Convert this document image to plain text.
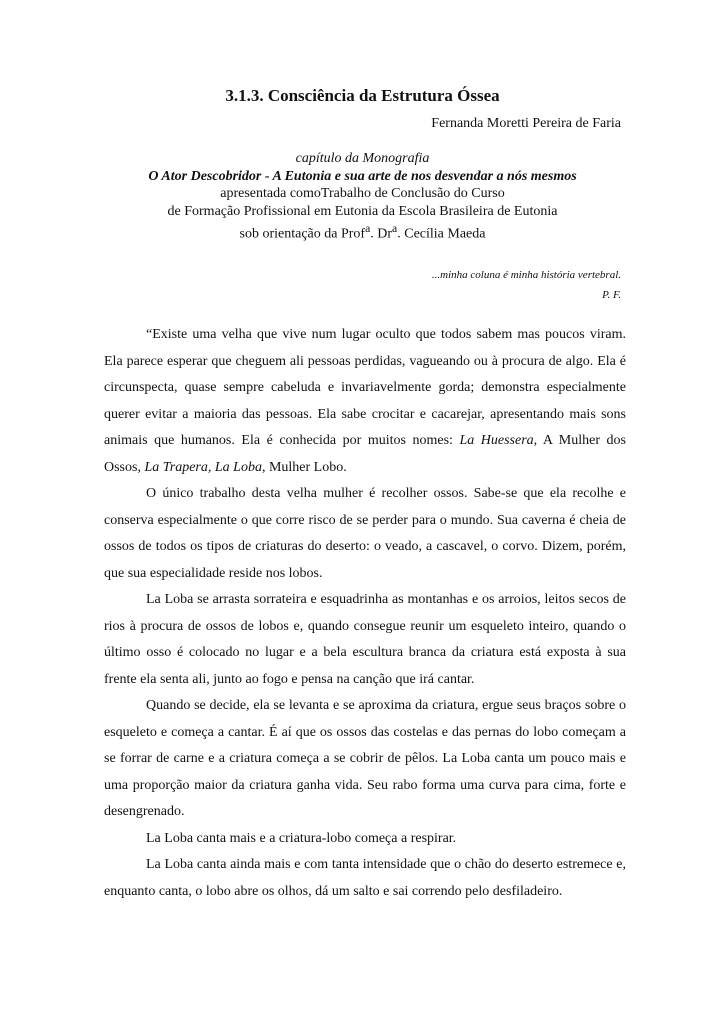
3.1.3. Consciência da Estrutura Óssea
Fernanda Moretti Pereira de Faria
capítulo da Monografia
O Ator Descobridor - A Eutonia e sua arte de nos desvendar a nós mesmos
apresentada comoTrabalho de Conclusão do Curso
de Formação Profissional em Eutonia da Escola Brasileira de Eutonia
sob orientação da Prof$^a$. Dr$^a$. Cecília Maeda
...minha coluna é minha história vertebral.
P. F.

“Existe uma velha que vive num lugar oculto que todos sabem mas poucos viram. Ela parece esperar que cheguem ali pessoas perdidas, vagueando ou à procura de algo. Ela é circunspecta, quase sempre cabeluda e invariavelmente gorda; demonstra especialmente querer evitar a maioria das pessoas. Ela sabe crocitar e cacarejar, apresentando mais sons animais que humanos. Ela é conhecida por muitos nomes: La Huessera, A Mulher dos Ossos, La Trapera, La Loba, Mulher Lobo.

O único trabalho desta velha mulher é recolher ossos. Sabe-se que ela recolhe e conserva especialmente o que corre risco de se perder para o mundo. Sua caverna é cheia de ossos de todos os tipos de criaturas do deserto: o veado, a cascavel, o corvo. Dizem, porém, que sua especialidade reside nos lobos.

La Loba se arrasta sorrateira e esquadrinha as montanhas e os arroios, leitos secos de rios à procura de ossos de lobos e, quando consegue reunir um esqueleto inteiro, quando o último osso é colocado no lugar e a bela escultura branca da criatura está exposta à sua frente ela senta ali, junto ao fogo e pensa na canção que irá cantar.

Quando se decide, ela se levanta e se aproxima da criatura, ergue seus braços sobre o esqueleto e começa a cantar. É aí que os ossos das costelas e das pernas do lobo começam a se forrar de carne e a criatura começa a se cobrir de pêlos. La Loba canta um pouco mais e uma proporção maior da criatura ganha vida. Seu rabo forma uma curva para cima, forte e desengrenado.

La Loba canta mais e a criatura-lobo começa a respirar.

La Loba canta ainda mais e com tanta intensidade que o chão do deserto estremece e, enquanto canta, o lobo abre os olhos, dá um salto e sai correndo pelo desfiladeiro.
